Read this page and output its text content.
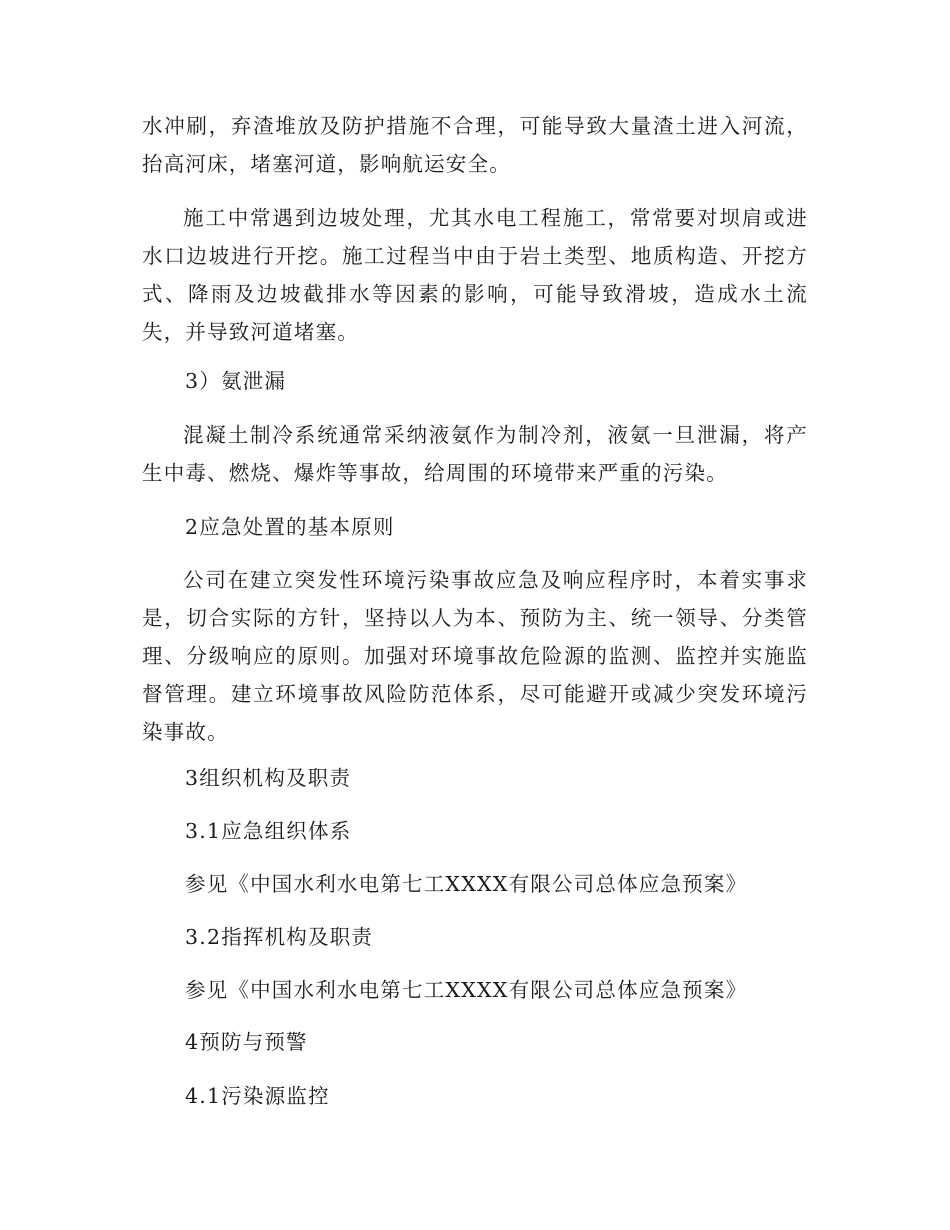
水冲刷，弃渣堆放及防护措施不合理，可能导致大量渣土进入河流，抬高河床，堵塞河道，影响航运安全。
施工中常遇到边坡处理，尤其水电工程施工，常常要对坝肩或进水口边坡进行开挖。施工过程当中由于岩土类型、地质构造、开挖方式、降雨及边坡截排水等因素的影响，可能导致滑坡，造成水土流失，并导致河道堵塞。
3）氨泄漏
混凝土制冷系统通常采纳液氨作为制冷剂，液氨一旦泄漏，将产生中毒、燃烧、爆炸等事故，给周围的环境带来严重的污染。
2应急处置的基本原则
公司在建立突发性环境污染事故应急及响应程序时，本着实事求是，切合实际的方针，坚持以人为本、预防为主、统一领导、分类管理、分级响应的原则。加强对环境事故危险源的监测、监控并实施监督管理。建立环境事故风险防范体系，尽可能避开或减少突发环境污染事故。
3组织机构及职责
3.1应急组织体系
参见《中国水利水电第七工XXXX有限公司总体应急预案》
3.2指挥机构及职责
参见《中国水利水电第七工XXXX有限公司总体应急预案》
4预防与预警
4.1污染源监控
